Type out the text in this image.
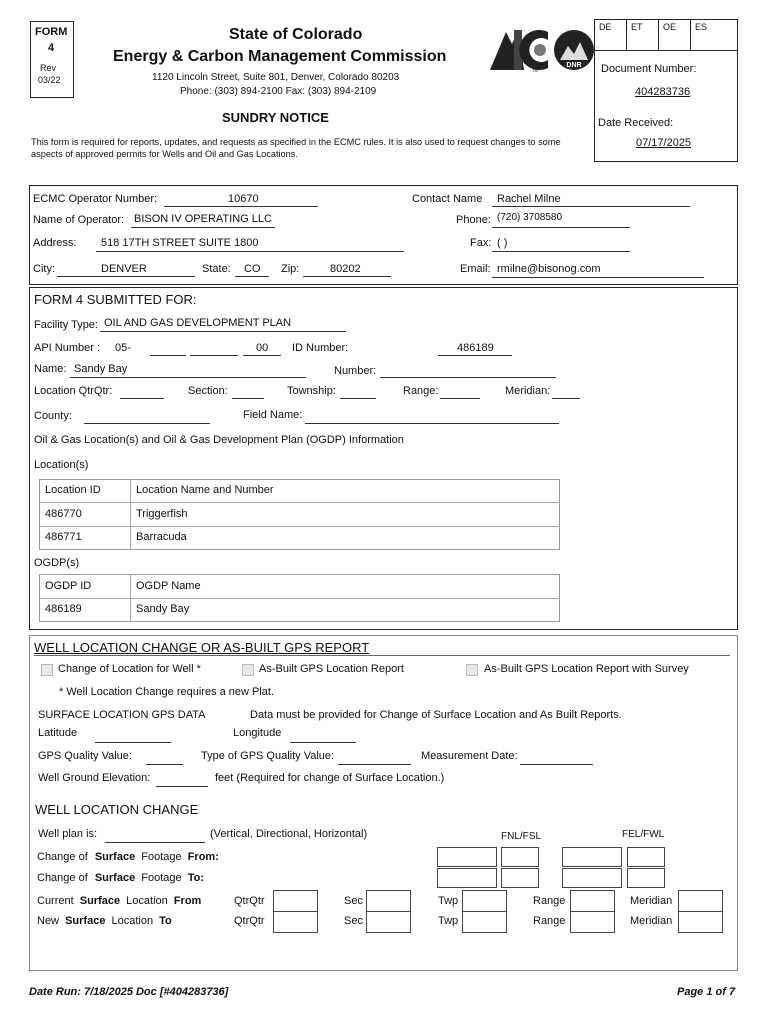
FORM
4
Rev
03/22
State of Colorado
Energy & Carbon Management Commission
1120 Lincoln Street, Suite 801, Denver, Colorado 80203
Phone: (303) 894-2100 Fax: (303) 894-2109
SUNDRY NOTICE
This form is required for reports, updates, and requests as specified in the ECMC rules. It is also used to request changes to some aspects of approved permits for Wells and Oil and Gas Locations.
DNR
TM
DE ET OE ES
Document Number:
404283736
Date Received:
07/17/2025
ECMC Operator Number:	10670	Contact Name Rachel Milne
Name of Operator: BISON IV OPERATING LLC	Phone: (720) 3708580
Address: 518 17TH STREET SUITE 1800	Fax: ( )
City:	DENVER	State: CO Zip:	80202	Email: rmilne@bisonog.com
FORM 4 SUBMITTED FOR:
Facility Type: OIL AND GAS DEVELOPMENT PLAN
API Number : 05-	00 ID Number:	486189
Name: Sandy Bay	Number:
Location QtrQtr:	Section:	Township:	Range:	Meridian:
County:	Field Name:
Oil & Gas Location(s) and Oil & Gas Development Plan (OGDP) Information
Location(s)
Location ID	Location Name and Number
486770	Triggerfish
486771	Barracuda
OGDP(s)
OGDP ID	OGDP Name
486189	Sandy Bay
WELL LOCATION CHANGE OR AS-BUILT GPS REPORT
Change of Location for Well *	As-Built GPS Location Report	As-Built GPS Location Report with Survey
* Well Location Change requires a new Plat.
SURFACE LOCATION GPS DATA	Data must be provided for Change of Surface Location and As Built Reports.
Latitude	Longitude
GPS Quality Value:	Type of GPS Quality Value:	Measurement Date:
Well Ground Elevation:	feet (Required for change of Surface Location.)
WELL LOCATION CHANGE
Well plan is:	(Vertical, Directional, Horizontal)	FNL/FSL	FEL/FWL
Change of Surface Footage From:
Change of Surface Footage To:
Current Surface Location From	QtrQtr	Sec	Twp	Range	Meridian
New Surface Location To	QtrQtr	Sec	Twp	Range	Meridian
Date Run: 7/18/2025 Doc [#404283736]	Page 1 of 7
